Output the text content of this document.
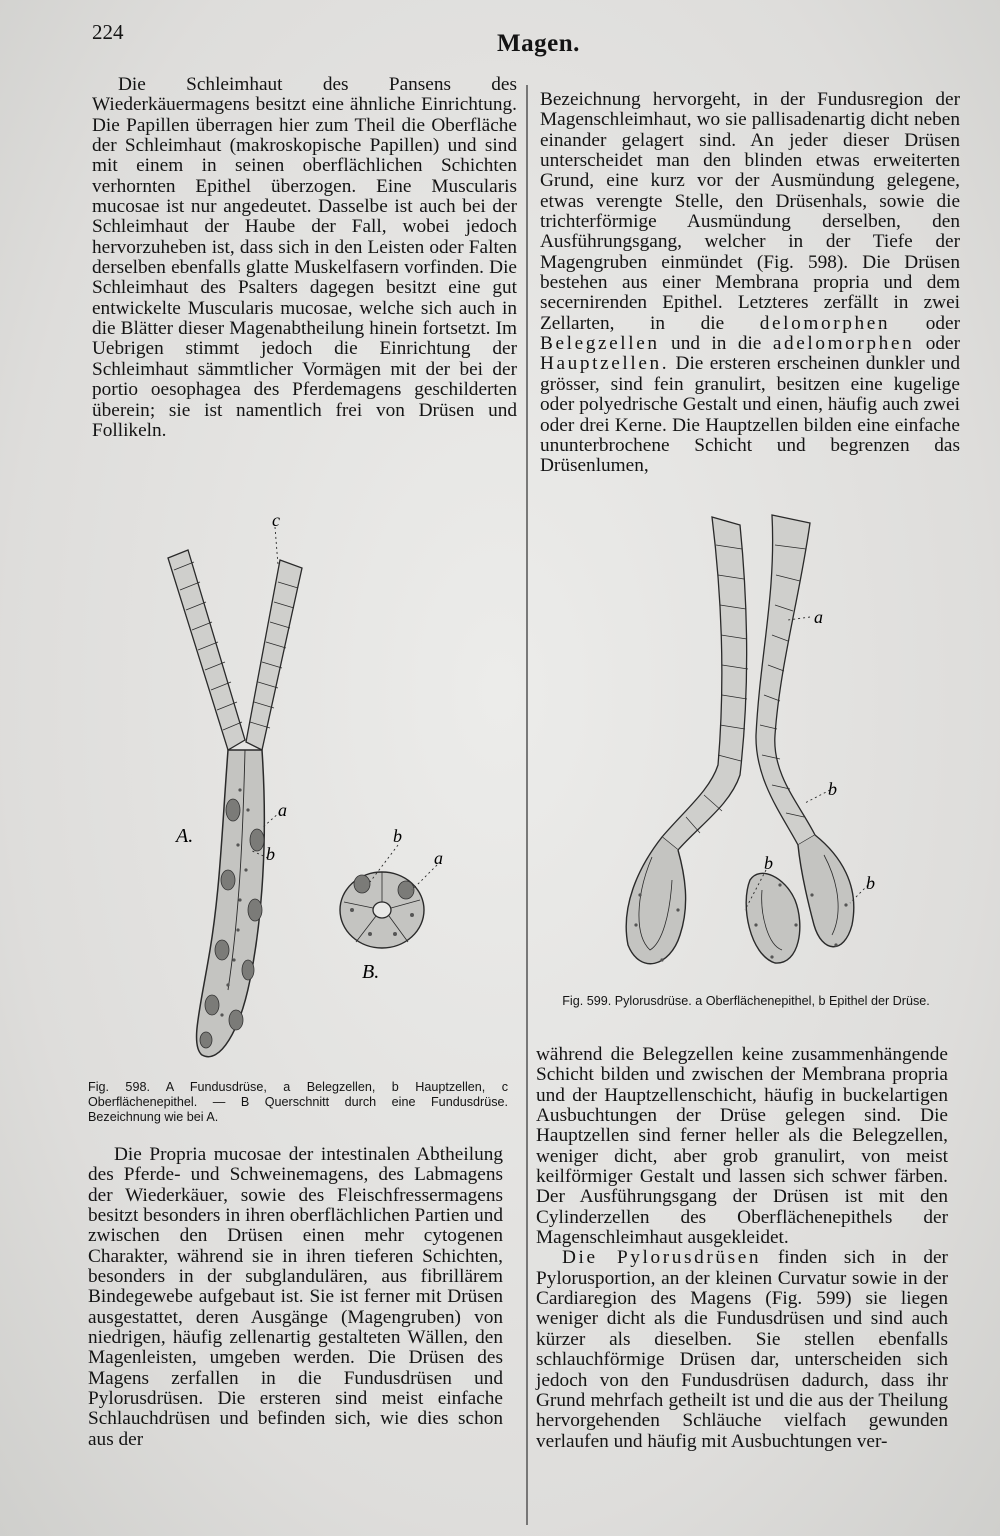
224	Magen.

Die Schleimhaut des Pansens des Wiederkäuermagens besitzt eine ähnliche Einrichtung. Die Papillen überragen hier zum Theil die Oberfläche der Schleimhaut (makroskopische Papillen) und sind mit einem in seinen oberflächlichen Schichten verhornten Epithel überzogen. Eine Muscularis mucosae ist nur angedeutet. Dasselbe ist auch bei der Schleimhaut der Haube der Fall, wobei jedoch hervorzuheben ist, dass sich in den Leisten oder Falten derselben ebenfalls glatte Muskelfasern vorfinden. Die Schleimhaut des Psalters dagegen besitzt eine gut entwickelte Muscularis mucosae, welche sich auch in die Blätter dieser Magenabtheilung hinein fortsetzt. Im Uebrigen stimmt jedoch die Einrichtung der Schleimhaut sämmtlicher Vormägen mit der bei der portio oesophagea des Pferdemagens geschilderten überein; sie ist namentlich frei von Drüsen und Follikeln.

c
a
b
A.	b
a
B.
Fig. 598. A Fundusdrüse, a Belegzellen, b Hauptzellen, c Oberflächenepithel. — B Querschnitt durch eine Fundusdrüse. Bezeichnung wie bei A.

Die Propria mucosae der intestinalen Abtheilung des Pferde- und Schweinemagens, des Labmagens der Wiederkäuer, sowie des Fleischfressermagens besitzt besonders in ihren oberflächlichen Partien und zwischen den Drüsen einen mehr cytogenen Charakter, während sie in ihren tieferen Schichten, besonders in der subglandulären, aus fibrillärem Bindegewebe aufgebaut ist. Sie ist ferner mit Drüsen ausgestattet, deren Ausgänge (Magengruben) von niedrigen, häufig zellenartig gestalteten Wällen, den Magenleisten, umgeben werden. Die Drüsen des Magens zerfallen in die Fundusdrüsen und Pylorusdrüsen. Die ersteren sind meist einfache Schlauchdrüsen und befinden sich, wie dies schon aus der

Bezeichnung hervorgeht, in der Fundusregion der Magenschleimhaut, wo sie pallisadenartig dicht neben einander gelagert sind. An jeder dieser Drüsen unterscheidet man den blinden etwas erweiterten Grund, eine kurz vor der Ausmündung gelegene, etwas verengte Stelle, den Drüsenhals, sowie die trichterförmige Ausmündung derselben, den Ausführungsgang, welcher in der Tiefe der Magengruben einmündet (Fig. 598). Die Drüsen bestehen aus einer Membrana propria und dem secernirenden Epithel. Letzteres zerfällt in zwei Zellarten, in die delomorphen oder Belegzellen und in die adelomorphen oder Hauptzellen. Die ersteren erscheinen dunkler und grösser, sind fein granulirt, besitzen eine kugelige oder polyedrische Gestalt und einen, häufig auch zwei oder drei Kerne. Die Hauptzellen bilden eine einfache ununterbrochene Schicht und begrenzen das Drüsenlumen,

a
b
b
b
Fig. 599. Pylorusdrüse. a Oberflächenepithel, b Epithel der Drüse.

während die Belegzellen keine zusammenhängende Schicht bilden und zwischen der Membrana propria und der Hauptzellenschicht, häufig in buckelartigen Ausbuchtungen der Drüse gelegen sind. Die Hauptzellen sind ferner heller als die Belegzellen, weniger dicht, aber grob granulirt, von meist keilförmiger Gestalt und lassen sich schwer färben. Der Ausführungsgang der Drüsen ist mit den Cylinderzellen des Oberflächenepithels der Magenschleimhaut ausgekleidet.

Die Pylorusdrüsen finden sich in der Pylorusportion, an der kleinen Curvatur sowie in der Cardiaregion des Magens (Fig. 599) sie liegen weniger dicht als die Fundusdrüsen und sind auch kürzer als dieselben. Sie stellen ebenfalls schlauchförmige Drüsen dar, unterscheiden sich jedoch von den Fundusdrüsen dadurch, dass ihr Grund mehrfach getheilt ist und die aus der Theilung hervorgehenden Schläuche vielfach gewunden verlaufen und häufig mit Ausbuchtungen ver-
